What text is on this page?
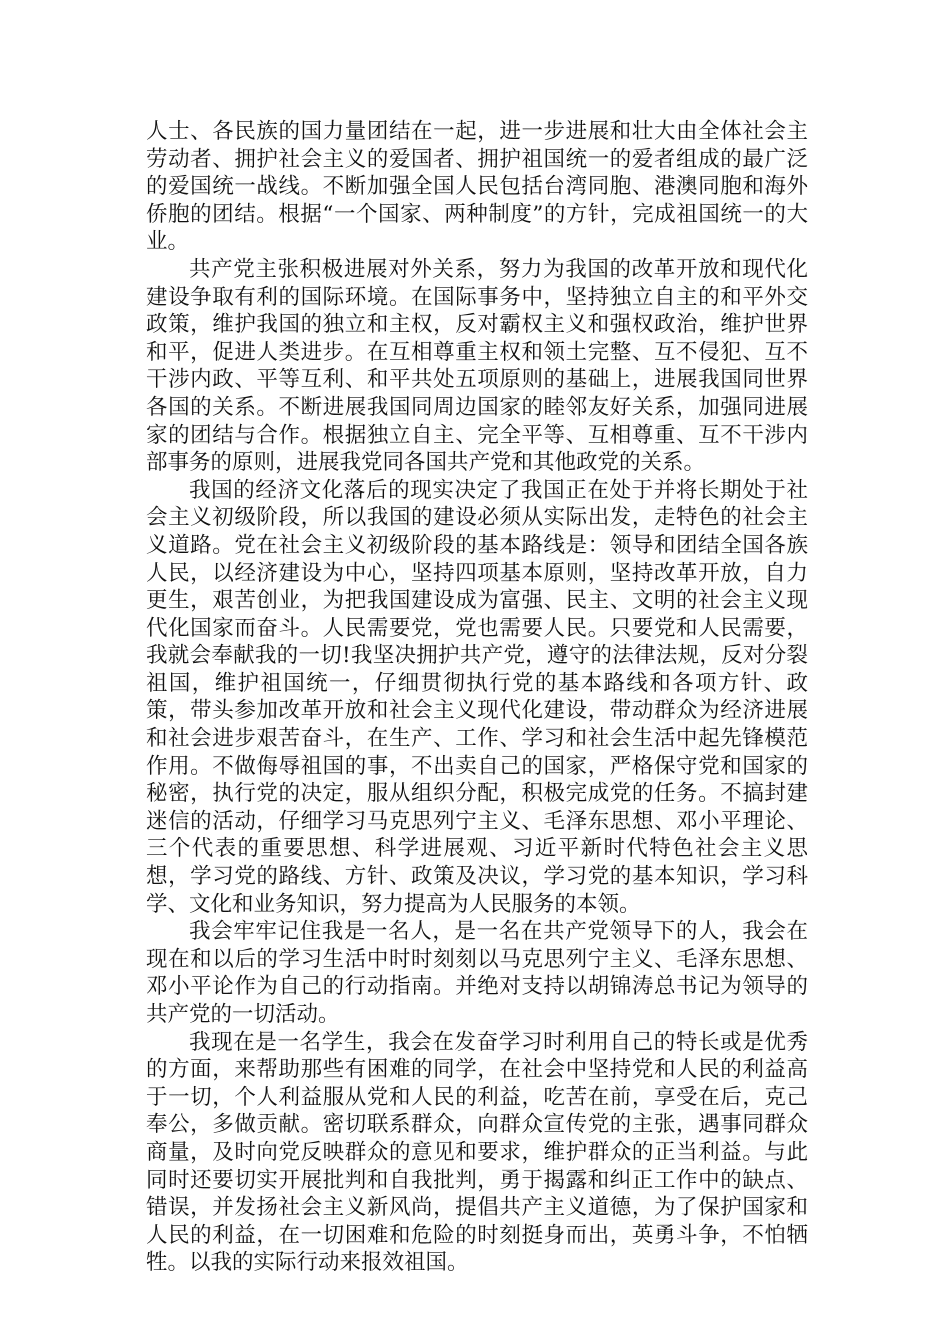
人士、各民族的国力量团结在一起，进一步进展和壮大由全体社会主劳动者、拥护社会主义的爱国者、拥护祖国统一的爱者组成的最广泛的爱国统一战线。不断加强全国人民包括台湾同胞、港澳同胞和海外侨胞的团结。根据“一个国家、两种制度”的方针，完成祖国统一的大业。

共产党主张积极进展对外关系，努力为我国的改革开放和现代化建设争取有利的国际环境。在国际事务中，坚持独立自主的和平外交政策，维护我国的独立和主权，反对霸权主义和强权政治，维护世界和平，促进人类进步。在互相尊重主权和领土完整、互不侵犯、互不干涉内政、平等互利、和平共处五项原则的基础上，进展我国同世界各国的关系。不断进展我国同周边国家的睦邻友好关系，加强同进展家的团结与合作。根据独立自主、完全平等、互相尊重、互不干涉内部事务的原则，进展我党同各国共产党和其他政党的关系。

我国的经济文化落后的现实决定了我国正在处于并将长期处于社会主义初级阶段，所以我国的建设必须从实际出发，走特色的社会主义道路。党在社会主义初级阶段的基本路线是：领导和团结全国各族人民，以经济建设为中心，坚持四项基本原则，坚持改革开放，自力更生，艰苦创业，为把我国建设成为富强、民主、文明的社会主义现代化国家而奋斗。人民需要党，党也需要人民。只要党和人民需要，我就会奉献我的一切!我坚决拥护共产党，遵守的法律法规，反对分裂祖国，维护祖国统一，仔细贯彻执行党的基本路线和各项方针、政策，带头参加改革开放和社会主义现代化建设，带动群众为经济进展和社会进步艰苦奋斗，在生产、工作、学习和社会生活中起先锋模范作用。不做侮辱祖国的事，不出卖自己的国家，严格保守党和国家的秘密，执行党的决定，服从组织分配，积极完成党的任务。不搞封建迷信的活动，仔细学习马克思列宁主义、毛泽东思想、邓小平理论、三个代表的重要思想、科学进展观、习近平新时代特色社会主义思想，学习党的路线、方针、政策及决议，学习党的基本知识，学习科学、文化和业务知识，努力提高为人民服务的本领。

我会牢牢记住我是一名人，是一名在共产党领导下的人，我会在现在和以后的学习生活中时时刻刻以马克思列宁主义、毛泽东思想、邓小平论作为自己的行动指南。并绝对支持以胡锦涛总书记为领导的共产党的一切活动。

我现在是一名学生，我会在发奋学习时利用自己的特长或是优秀的方面，来帮助那些有困难的同学，在社会中坚持党和人民的利益高于一切，个人利益服从党和人民的利益，吃苦在前，享受在后，克己奉公，多做贡献。密切联系群众，向群众宣传党的主张，遇事同群众商量，及时向党反映群众的意见和要求，维护群众的正当利益。与此同时还要切实开展批判和自我批判，勇于揭露和纠正工作中的缺点、错误，并发扬社会主义新风尚，提倡共产主义道德，为了保护国家和人民的利益，在一切困难和危险的时刻挺身而出，英勇斗争，不怕牺牲。以我的实际行动来报效祖国。
